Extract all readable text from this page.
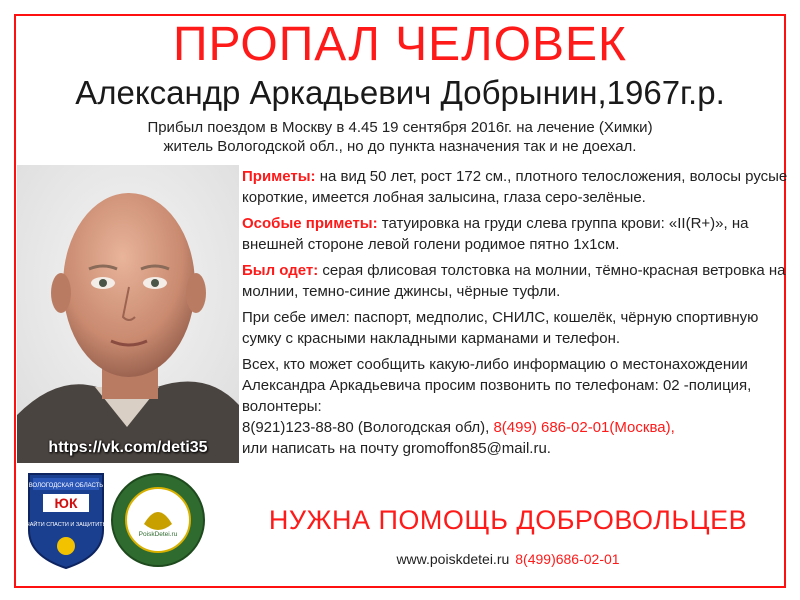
ПРОПАЛ ЧЕЛОВЕК
Александр Аркадьевич Добрынин,1967г.р.
Прибыл поездом в Москву в 4.45 19 сентября 2016г. на лечение (Химки)
житель Вологодской обл., но до пункта назначения так и не доехал.
https://vk.com/deti35

Приметы: на вид 50 лет, рост 172 см., плотного телосложения, волосы русые короткие, имеется лобная залысина, глаза серо-зелёные.

Особые приметы: татуировка на груди слева группа крови: «II(R+)», на внешней стороне левой голени родимое пятно 1х1см.

Был одет: серая флисовая толстовка на молнии, тёмно-красная ветровка на молнии, темно-синие джинсы, чёрные туфли.

При себе имел: паспорт, медполис, СНИЛС, кошелёк, чёрную спортивную сумку с красными накладными карманами и телефон.

Всех, кто может сообщить какую-либо информацию о местонахождении Александра Аркадьевича просим позвонить по телефонам: 02 -полиция, волонтеры:
8(921)123-88-80 (Вологодская обл), 8(499) 686-02-01(Москва),
или написать на почту gromoffon85@mail.ru.

ВОЛОГОДСКАЯ ОБЛАСТЬ
ЮК
НАЙТИ СПАСТИ И ЗАЩИТИТЬ
PoiskDetei.ru	НУЖНА ПОМОЩЬ ДОБРОВОЛЬЦЕВ
www.poiskdetei.ru 8(499)686-02-01
